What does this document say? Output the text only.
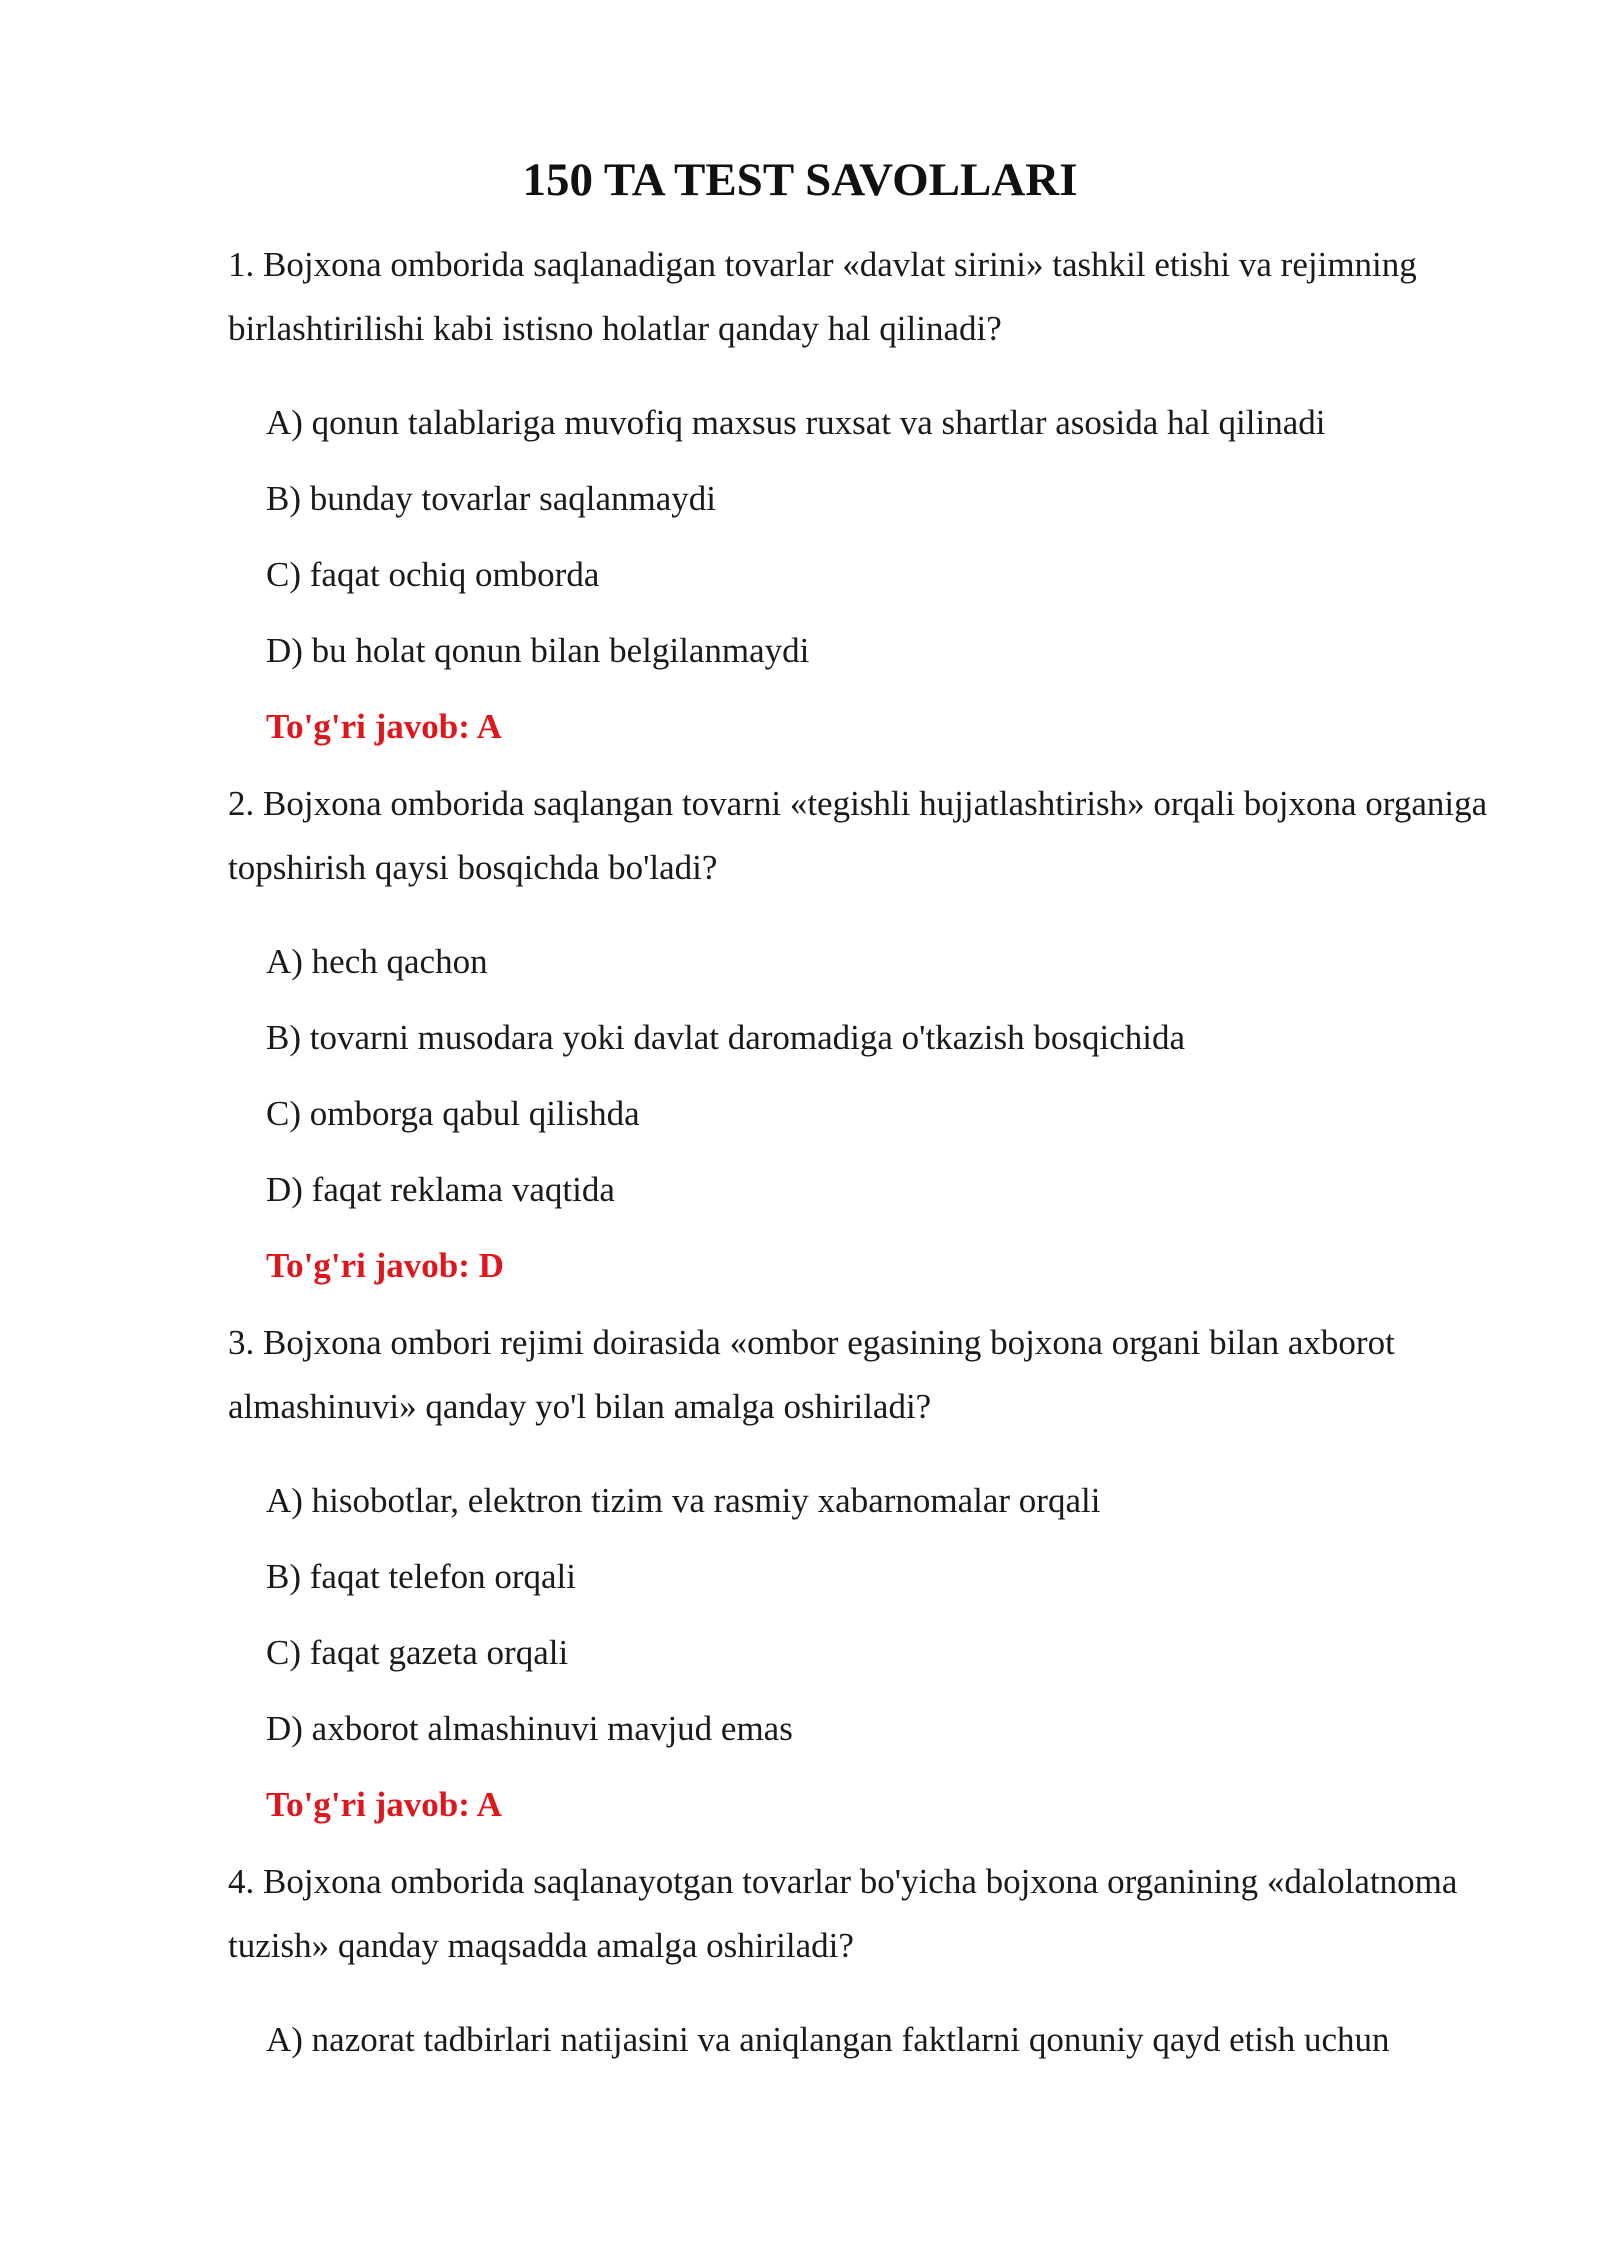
150 TA TEST SAVOLLARI

1. Bojxona omborida saqlanadigan tovarlar «davlat sirini» tashkil etishi va rejimning birlashtirilishi kabi istisno holatlar qanday hal qilinadi?

A) qonun talablariga muvofiq maxsus ruxsat va shartlar asosida hal qilinadi

B) bunday tovarlar saqlanmaydi

C) faqat ochiq omborda

D) bu holat qonun bilan belgilanmaydi

To'g'ri javob: A

2. Bojxona omborida saqlangan tovarni «tegishli hujjatlashtirish» orqali bojxona organiga topshirish qaysi bosqichda bo'ladi?

A) hech qachon

B) tovarni musodara yoki davlat daromadiga o'tkazish bosqichida

C) omborga qabul qilishda

D) faqat reklama vaqtida

To'g'ri javob: D

3. Bojxona ombori rejimi doirasida «ombor egasining bojxona organi bilan axborot almashinuvi» qanday yo'l bilan amalga oshiriladi?

A) hisobotlar, elektron tizim va rasmiy xabarnomalar orqali

B) faqat telefon orqali

C) faqat gazeta orqali

D) axborot almashinuvi mavjud emas

To'g'ri javob: A

4. Bojxona omborida saqlanayotgan tovarlar bo'yicha bojxona organining «dalolatnoma tuzish» qanday maqsadda amalga oshiriladi?

A) nazorat tadbirlari natijasini va aniqlangan faktlarni qonuniy qayd etish uchun
